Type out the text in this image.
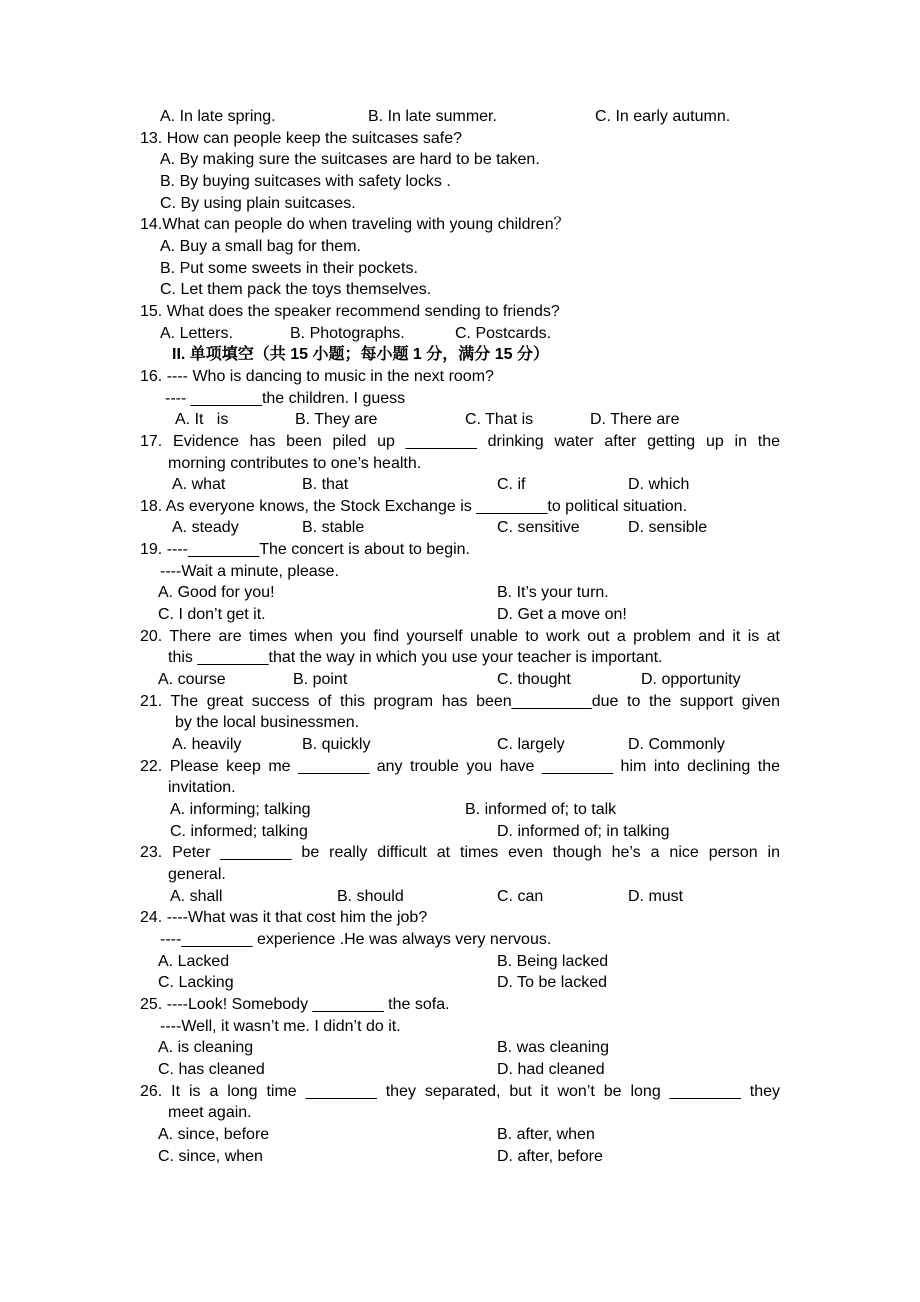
A. In late spring.	B. In late summer.	C. In early autumn.

13. How can people keep the suitcases safe?

A. By making sure the suitcases are hard to be taken.

B. By buying suitcases with safety locks .

C. By using plain suitcases.

14.What can people do when traveling with young children？

A. Buy a small bag for them.

B. Put some sweets in their pockets.

C. Let them pack the toys themselves.

15. What does the speaker recommend sending to friends?

A. Letters.	B. Photographs.	C. Postcards.

II. 单项填空（共 15 小题；每小题 1 分，满分 15 分）

16. ---- Who is dancing to music in the next room?

---- ________the children. I guess

A. It   is	B. They are	C. That is	D. There are

17. Evidence has been piled up ________ drinking water after getting up in the

morning contributes to one’s health.

A. what	B. that	C. if	D. which

18. As everyone knows, the Stock Exchange is ________to political situation.

A. steady	B. stable	C. sensitive	D. sensible

19. ----________The concert is about to begin.

----Wait a minute, please.

A. Good for you!	B. It’s your turn.
C. I don’t get it.	D. Get a move on!

20. There are times when you find yourself unable to work out a problem and it is at

this ________that the way in which you use your teacher is important.

A. course	B. point	C. thought	D. opportunity

21. The great success of this program has been_________due to the support given

by the local businessmen.

A. heavily	B. quickly	C. largely	D. Commonly

22. Please keep me ________ any trouble you have ________ him into declining the

invitation.

A. informing; talking	B. informed of; to talk
C. informed; talking	D. informed of; in talking

23. Peter ________ be really difficult at times even though he’s a nice person in

general.

A. shall	B. should	C. can	D. must

24. ----What was it that cost him the job?

----________ experience .He was always very nervous.

A. Lacked	B. Being lacked
C. Lacking	D. To be lacked

25. ----Look! Somebody ________ the sofa.

----Well, it wasn’t me. I didn’t do it.

A. is cleaning	B. was cleaning
C. has cleaned	D. had cleaned

26. It is a long time ________ they separated, but it won’t be long ________ they

meet again.

A. since, before	B. after, when
C. since, when	D. after, before
